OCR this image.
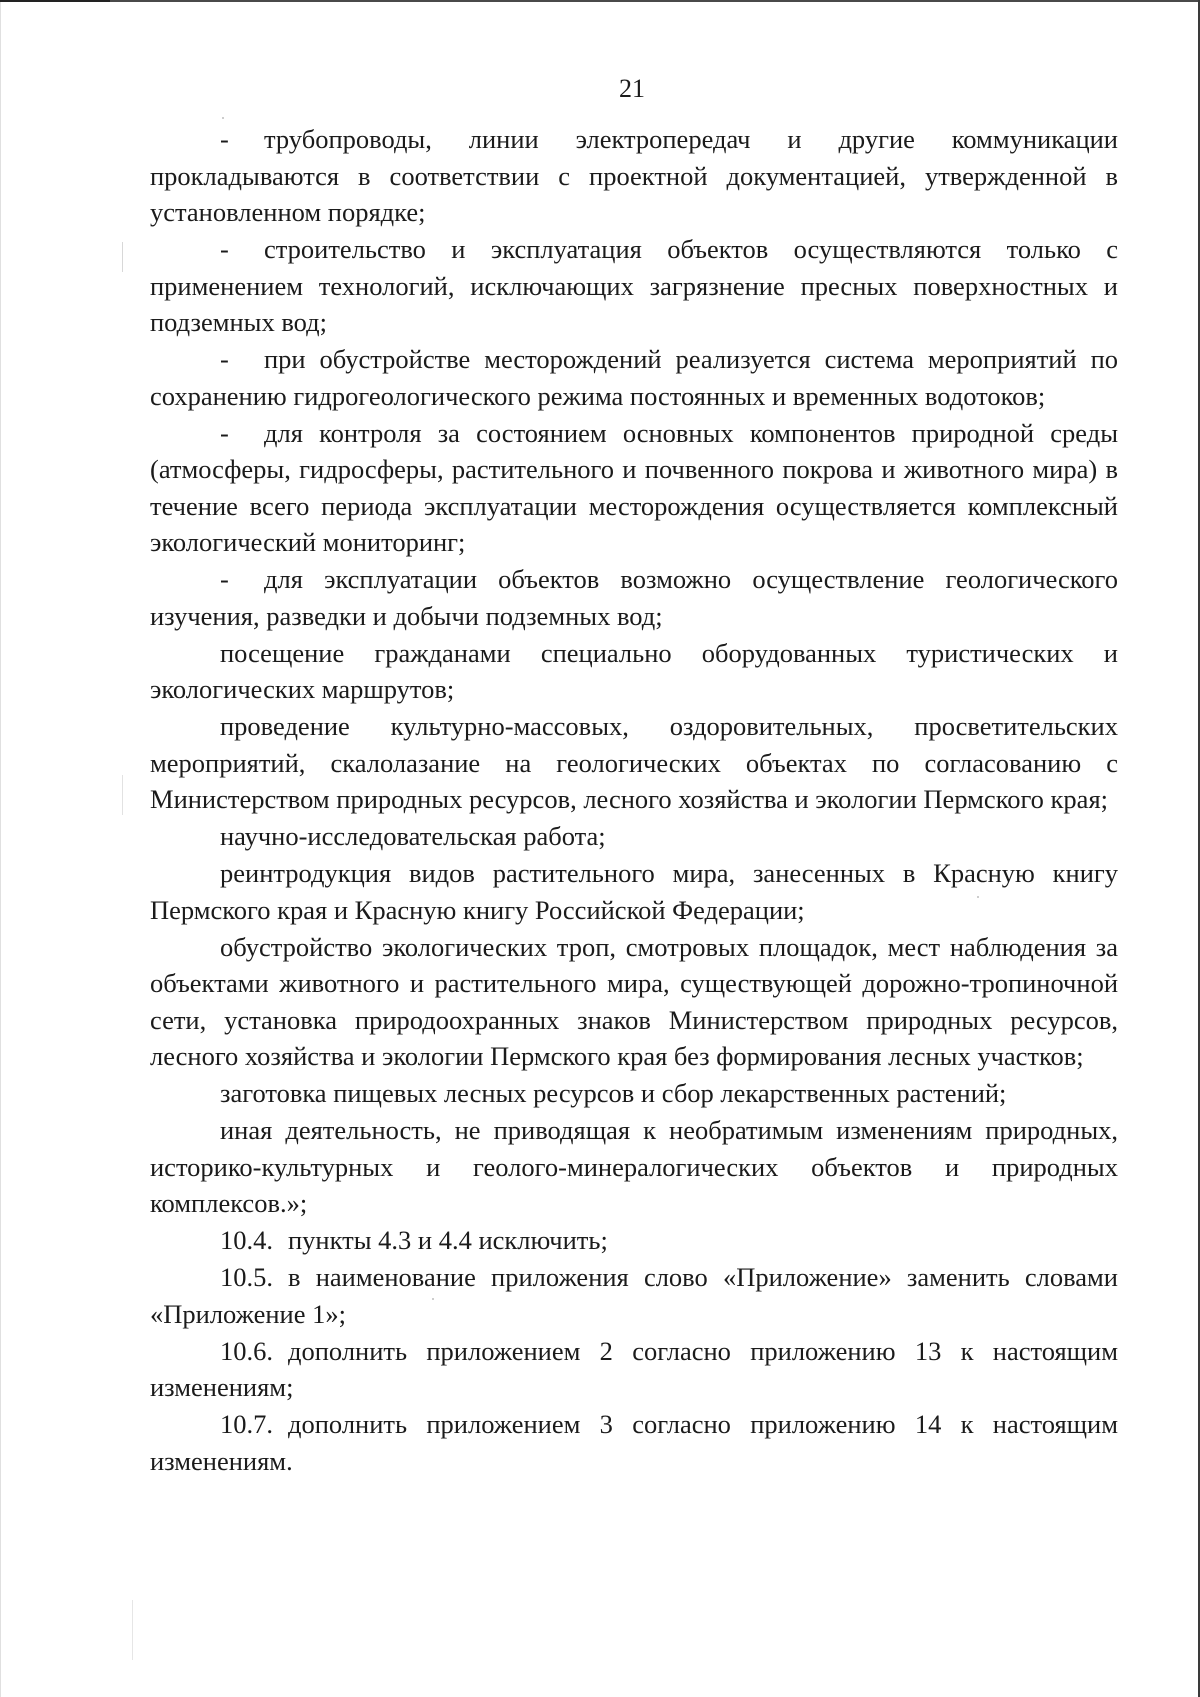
21

- трубопроводы, линии электропередач и другие коммуникации прокладываются в соответствии с проектной документацией, утвержденной в установленном порядке;

- строительство и эксплуатация объектов осуществляются только с применением технологий, исключающих загрязнение пресных поверхностных и подземных вод;

- при обустройстве месторождений реализуется система мероприятий по сохранению гидрогеологического режима постоянных и временных водотоков;

- для контроля за состоянием основных компонентов природной среды (атмосферы, гидросферы, растительного и почвенного покрова и животного мира) в течение всего периода эксплуатации месторождения осуществляется комплексный экологический мониторинг;

- для эксплуатации объектов возможно осуществление геологического изучения, разведки и добычи подземных вод;

посещение гражданами специально оборудованных туристических и экологических маршрутов;

проведение культурно-массовых, оздоровительных, просветительских мероприятий, скалолазание на геологических объектах по согласованию с Министерством природных ресурсов, лесного хозяйства и экологии Пермского края;

научно-исследовательская работа;

реинтродукция видов растительного мира, занесенных в Красную книгу Пермского края и Красную книгу Российской Федерации;

обустройство экологических троп, смотровых площадок, мест наблюдения за объектами животного и растительного мира, существующей дорожно-тропиночной сети, установка природоохранных знаков Министерством природных ресурсов, лесного хозяйства и экологии Пермского края без формирования лесных участков;

заготовка пищевых лесных ресурсов и сбор лекарственных растений;

иная деятельность, не приводящая к необратимым изменениям природных, историко-культурных и геолого-минералогических объектов и природных комплексов.»;

10.4. пункты 4.3 и 4.4 исключить;

10.5. в наименование приложения слово «Приложение» заменить словами «Приложение 1»;

10.6. дополнить приложением 2 согласно приложению 13 к настоящим изменениям;

10.7. дополнить приложением 3 согласно приложению 14 к настоящим изменениям.
